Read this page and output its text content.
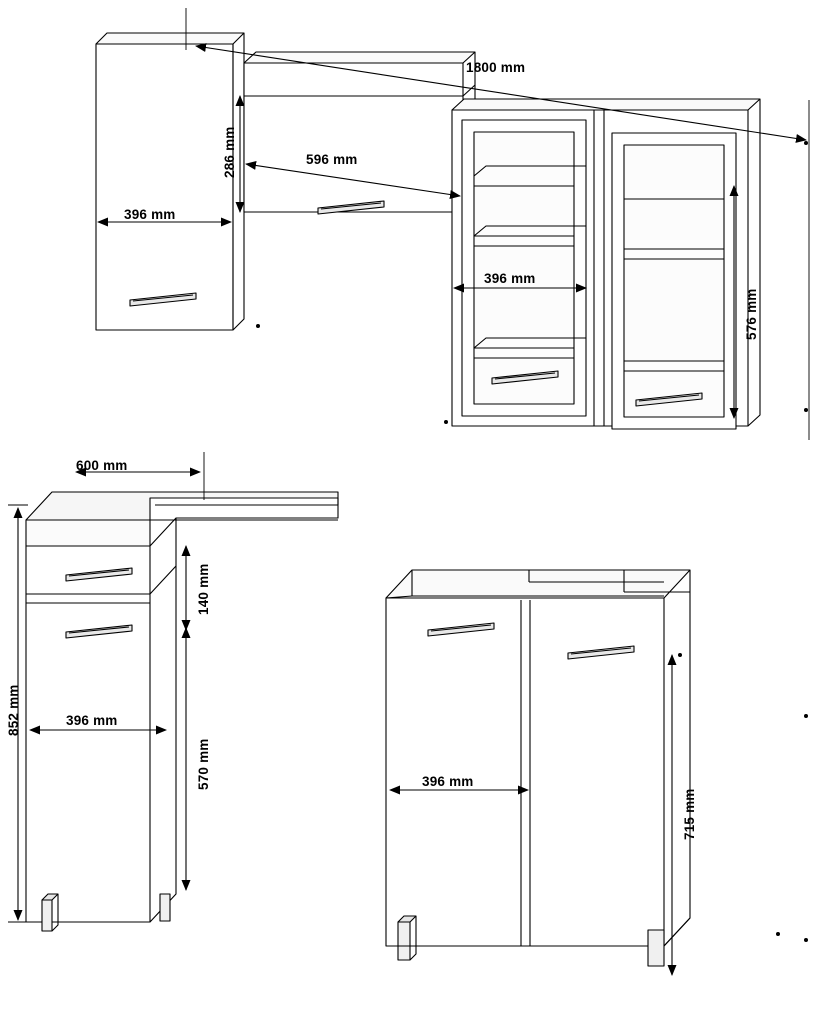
1800 mm
396 mm
596 mm
286 mm
396 mm
576 mm
600 mm
140 mm
396 mm
570 mm
852 mm
396 mm
715 mm
